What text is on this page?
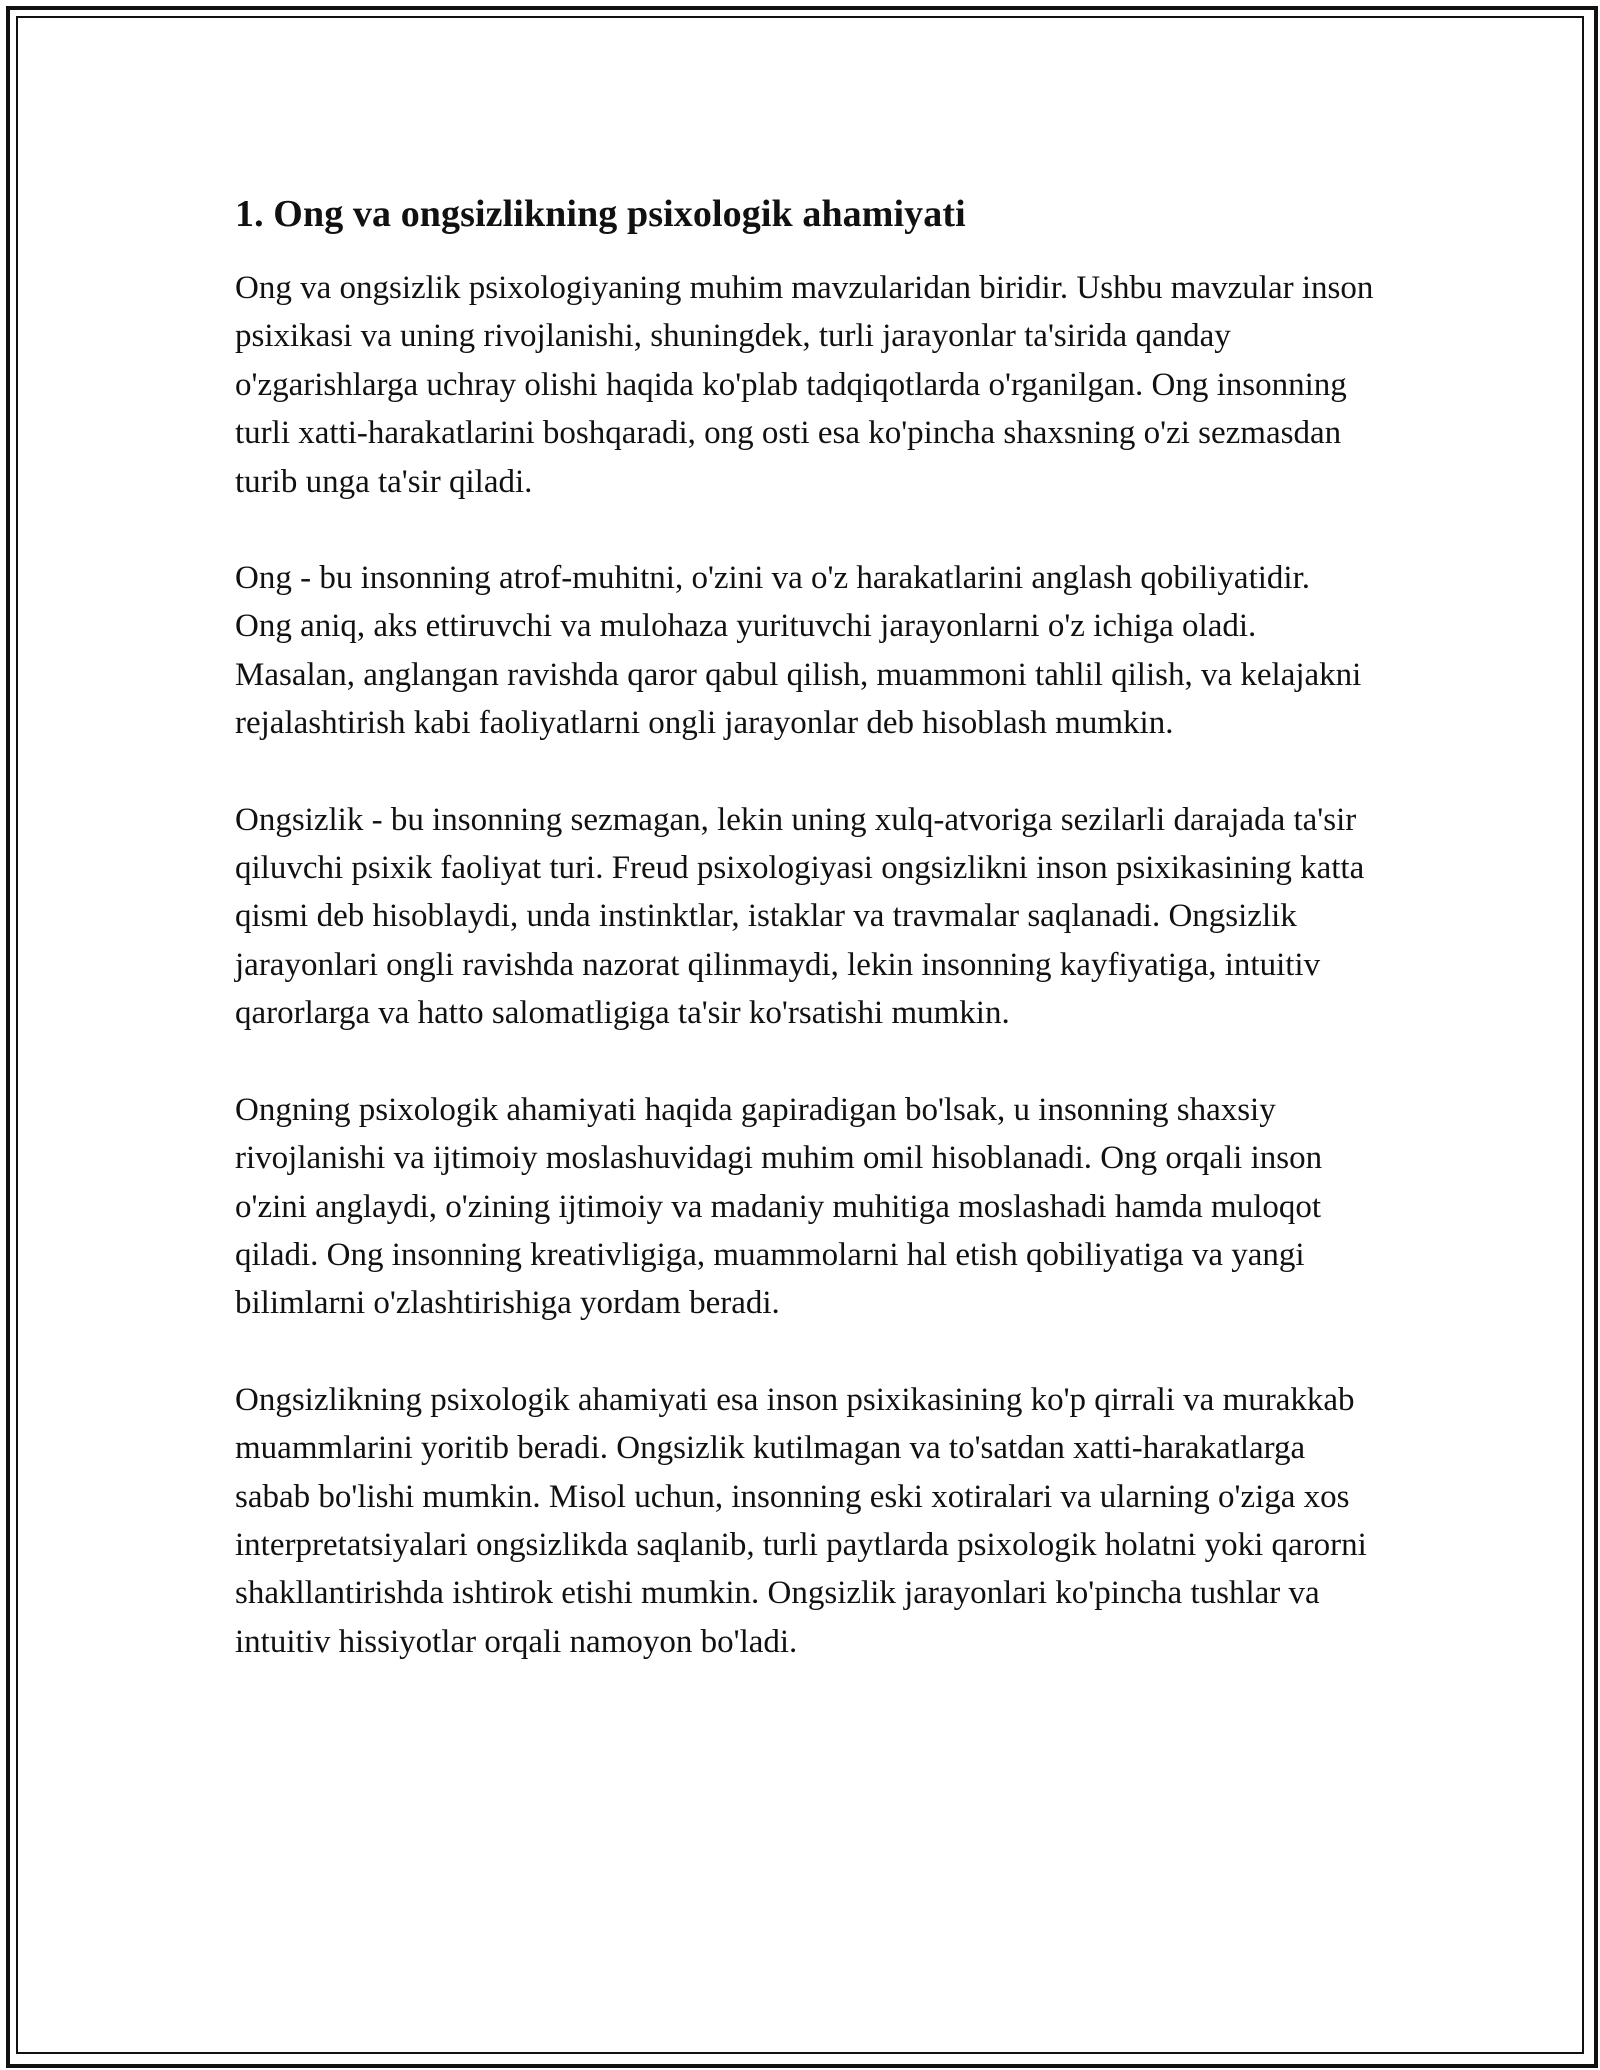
1. Ong va ongsizlikning psixologik ahamiyati

Ong va ongsizlik psixologiyaning muhim mavzularidan biridir. Ushbu mavzular inson psixikasi va uning rivojlanishi, shuningdek, turli jarayonlar ta'sirida qanday o'zgarishlarga uchray olishi haqida ko'plab tadqiqotlarda o'rganilgan. Ong insonning turli xatti-harakatlarini boshqaradi, ong osti esa ko'pincha shaxsning o'zi sezmasdan turib unga ta'sir qiladi.

Ong - bu insonning atrof-muhitni, o'zini va o'z harakatlarini anglash qobiliyatidir. Ong aniq, aks ettiruvchi va mulohaza yurituvchi jarayonlarni o'z ichiga oladi. Masalan, anglangan ravishda qaror qabul qilish, muammoni tahlil qilish, va kelajakni rejalashtirish kabi faoliyatlarni ongli jarayonlar deb hisoblash mumkin.

Ongsizlik - bu insonning sezmagan, lekin uning xulq-atvoriga sezilarli darajada ta'sir qiluvchi psixik faoliyat turi. Freud psixologiyasi ongsizlikni inson psixikasining katta qismi deb hisoblaydi, unda instinktlar, istaklar va travmalar saqlanadi. Ongsizlik jarayonlari ongli ravishda nazorat qilinmaydi, lekin insonning kayfiyatiga, intuitiv qarorlarga va hatto salomatligiga ta'sir ko'rsatishi mumkin.

Ongning psixologik ahamiyati haqida gapiradigan bo'lsak, u insonning shaxsiy rivojlanishi va ijtimoiy moslashuvidagi muhim omil hisoblanadi. Ong orqali inson o'zini anglaydi, o'zining ijtimoiy va madaniy muhitiga moslashadi hamda muloqot qiladi. Ong insonning kreativligiga, muammolarni hal etish qobiliyatiga va yangi bilimlarni o'zlashtirishiga yordam beradi.

Ongsizlikning psixologik ahamiyati esa inson psixikasining ko'p qirrali va murakkab muammlarini yoritib beradi. Ongsizlik kutilmagan va to'satdan xatti-harakatlarga sabab bo'lishi mumkin. Misol uchun, insonning eski xotiralari va ularning o'ziga xos interpretatsiyalari ongsizlikda saqlanib, turli paytlarda psixologik holatni yoki qarorni shakllantirishda ishtirok etishi mumkin. Ongsizlik jarayonlari ko'pincha tushlar va intuitiv hissiyotlar orqali namoyon bo'ladi.
